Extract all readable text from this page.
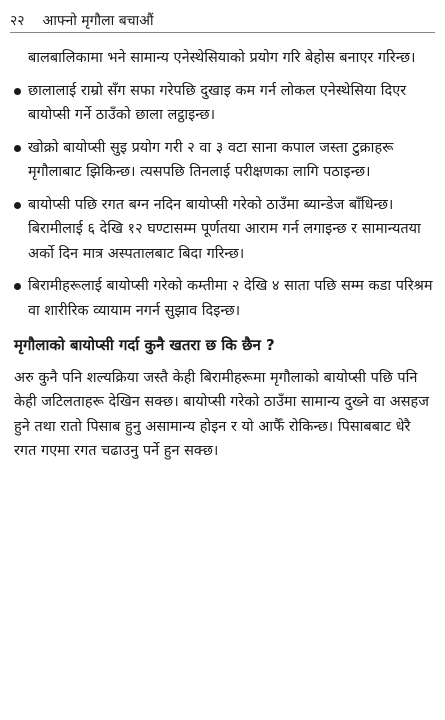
२२ आफ्नो मृगौला बचाऔं

बालबालिकामा भने सामान्य एनेस्थेसियाको प्रयोग गरि बेहोस बनाएर गरिन्छ।

छालालाई राम्रो सँग सफा गरेपछि दुखाइ कम गर्न लोकल एनेस्थेसिया दिएर बायोप्सी गर्ने ठाउँको छाला लट्ठाइन्छ।
खोक्रो बायोप्सी सुइ प्रयोग गरी २ वा ३ वटा साना कपाल जस्ता टुक्राहरू मृगौलाबाट झिकिन्छ। त्यसपछि तिनलाई परीक्षणका लागि पठाइन्छ।
बायोप्सी पछि रगत बग्न नदिन बायोप्सी गरेको ठाउँमा ब्यान्डेज बाँधिन्छ। बिरामीलाई ६ देखि १२ घण्टासम्म पूर्णतया आराम गर्न लगाइन्छ र सामान्यतया अर्को दिन मात्र अस्पतालबाट बिदा गरिन्छ।
बिरामीहरूलाई बायोप्सी गरेको कम्तीमा २ देखि ४ साता पछि सम्म कडा परिश्रम वा शारीरिक व्यायाम नगर्न सुझाव दिइन्छ।
मृगौलाको बायोप्सी गर्दा कुनै खतरा छ कि छैन ?

अरु कुनै पनि शल्यक्रिया जस्तै केही बिरामीहरूमा मृगौलाको बायोप्सी पछि पनि केही जटिलताहरू देखिन सक्छ। बायोप्सी गरेको ठाउँमा सामान्य दुख्ने वा असहज हुने तथा रातो पिसाब हुनु असामान्य होइन र यो आफैँ रोकिन्छ। पिसाबबाट धेरै रगत गएमा रगत चढाउनु पर्ने हुन सक्छ।
